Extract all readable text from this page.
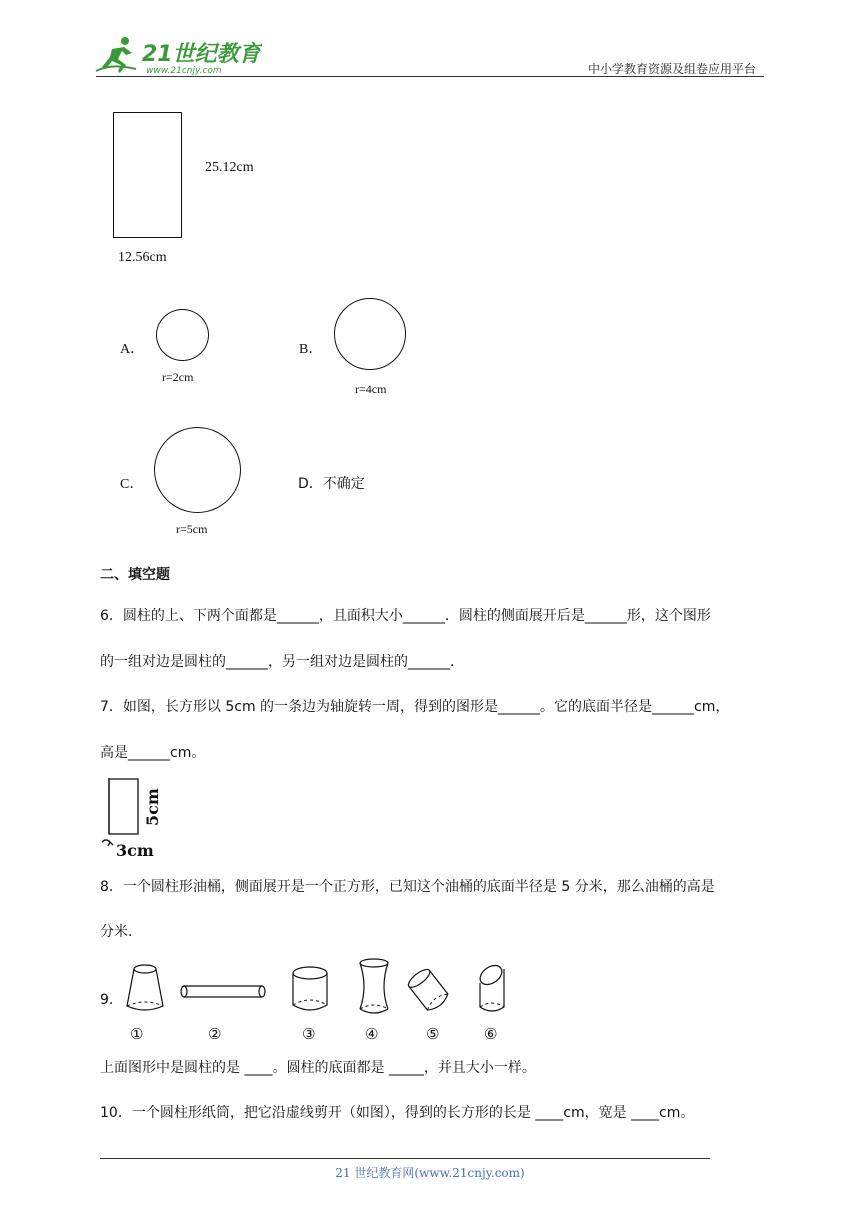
21世纪教育
www.21cnjy.com	中小学教育资源及组卷应用平台
25.12cm
12.56cm
A．
r=2cm
B．
r=4cm
C．
r=5cm
D．不确定
二、填空题
6．圆柱的上、下两个面都是______，且面积大小______．圆柱的侧面展开后是______形，这个图形
的一组对边是圆柱的______，另一组对边是圆柱的______．
7．如图，长方形以 5cm 的一条边为轴旋转一周，得到的图形是______。它的底面半径是______cm，
高是______cm。
5cm
3cm
8．一个圆柱形油桶，侧面展开是一个正方形，已知这个油桶的底面半径是 5 分米，那么油桶的高是
分米．
9．
①	②	③	④	⑤	⑥
上面图形中是圆柱的是 ____。圆柱的底面都是 _____，并且大小一样。
10．一个圆柱形纸筒，把它沿虚线剪开（如图），得到的长方形的长是 ____cm，宽是 ____cm。
21 世纪教育网(www.21cnjy.com)
